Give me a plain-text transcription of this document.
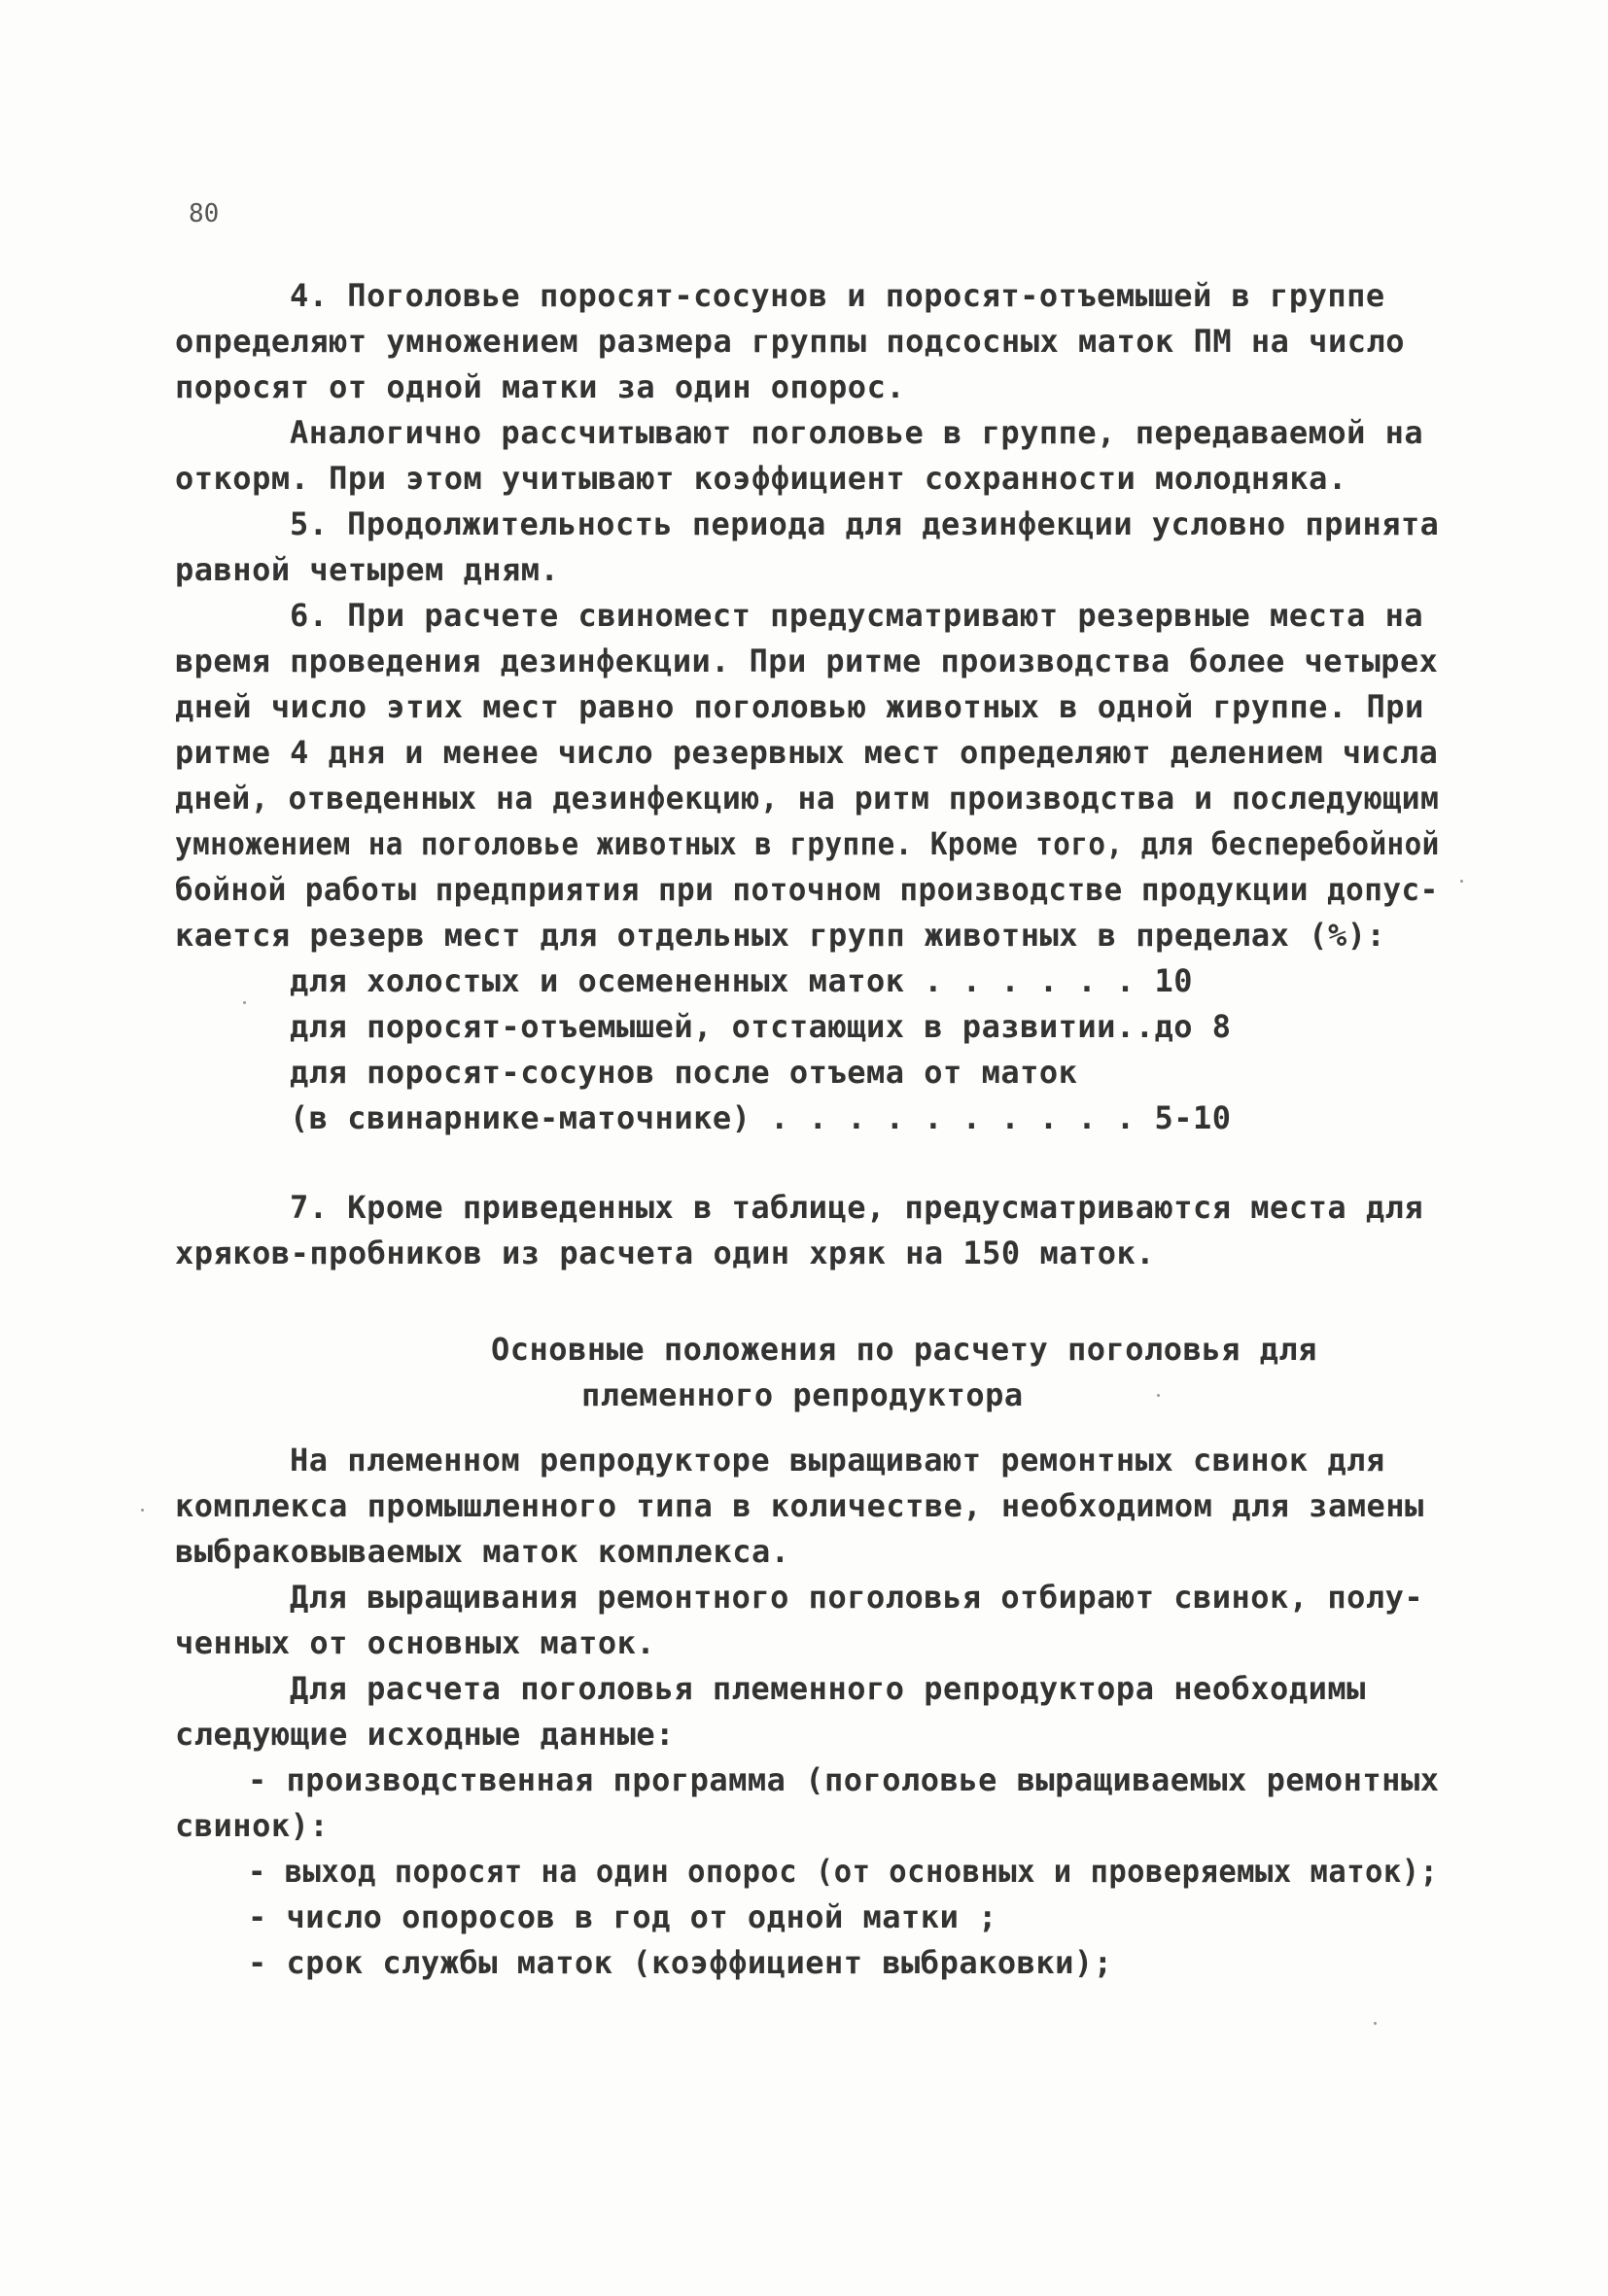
80
4. Поголовье поросят-сосунов и поросят-отъемышей в группе
определяют умножением размера группы подсосных маток ПМ на число
поросят от одной матки за один опорос.
Аналогично рассчитывают поголовье в группе, передаваемой на
откорм. При этом учитывают коэффициент сохранности молодняка.
5. Продолжительность периода для дезинфекции условно принята
равной четырем дням.
6. При расчете свиномест предусматривают резервные места на
время проведения дезинфекции. При ритме производства более четырех
дней число этих мест равно поголовью животных в одной группе. При
ритме 4 дня и менее число резервных мест определяют делением числа
дней, отведенных на дезинфекцию, на ритм производства и последующим
умножением на поголовье животных в группе. Кроме того, для бесперебойной
бойной работы предприятия при поточном производстве продукции допус-
кается резерв мест для отдельных групп животных в пределах (%):
для холостых и осемененных маток . . . . . . 10
для поросят-отъемышей, отстающих в развитии..до 8
для поросят-сосунов после отъема от маток
(в свинарнике-маточнике) . . . . . . . . . . 5-10
7. Кроме приведенных в таблице, предусматриваются места для
хряков-пробников из расчета один хряк на 150 маток.
Основные положения по расчету поголовья для
племенного репродуктора
На племенном репродукторе выращивают ремонтных свинок для
комплекса промышленного типа в количестве, необходимом для замены
выбраковываемых маток комплекса.
Для выращивания ремонтного поголовья отбирают свинок, полу-
ченных от основных маток.
Для расчета поголовья племенного репродуктора необходимы
следующие исходные данные:
- производственная программа (поголовье выращиваемых ремонтных
свинок):
- выход поросят на один опорос (от основных и проверяемых маток);
- число опоросов в год от одной матки ;
- срок службы маток (коэффициент выбраковки);
